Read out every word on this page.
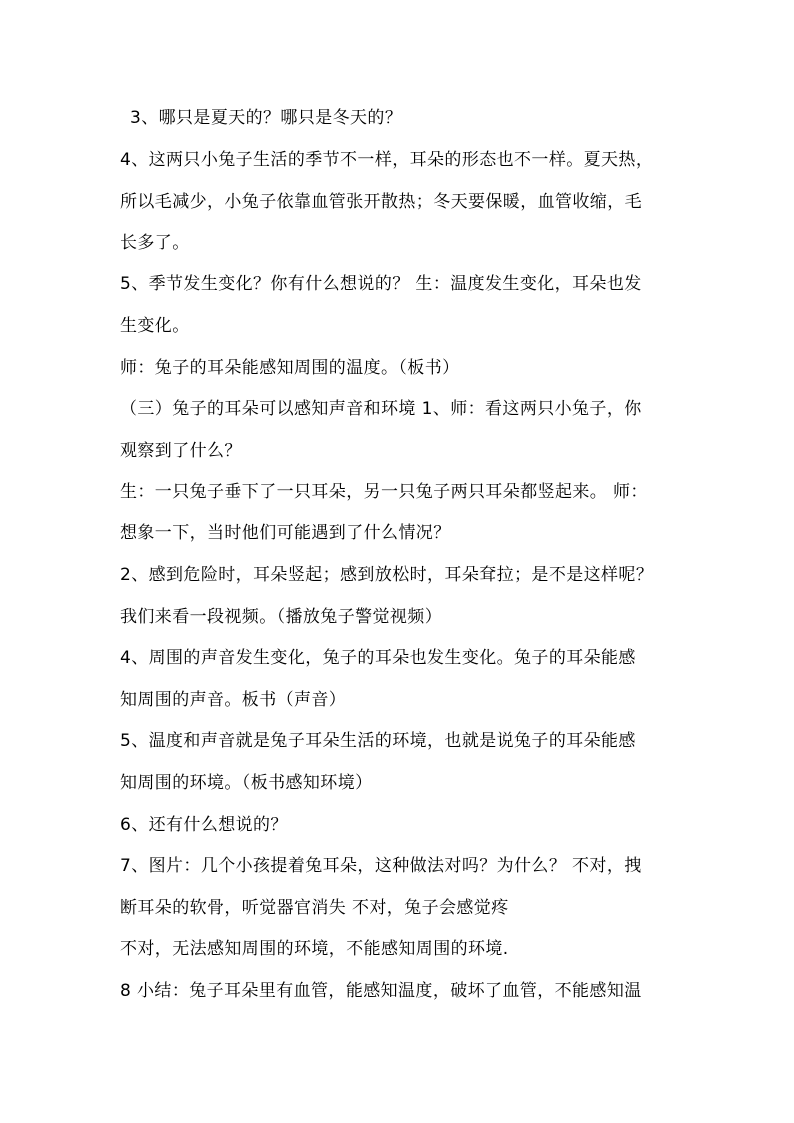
3、哪只是夏天的？哪只是冬天的？
4、这两只小兔子生活的季节不一样，耳朵的形态也不一样。夏天热，
所以毛减少，小兔子依靠血管张开散热；冬天要保暖，血管收缩，毛
长多了。
5、季节发生变化？你有什么想说的？ 生：温度发生变化，耳朵也发
生变化。
师：兔子的耳朵能感知周围的温度。（板书）
（三）兔子的耳朵可以感知声音和环境 1、师：看这两只小兔子，你
观察到了什么？
生：一只兔子垂下了一只耳朵，另一只兔子两只耳朵都竖起来。 师：
想象一下，当时他们可能遇到了什么情况？
2、感到危险时，耳朵竖起；感到放松时，耳朵耷拉；是不是这样呢？
我们来看一段视频。（播放兔子警觉视频）
4、周围的声音发生变化，兔子的耳朵也发生变化。兔子的耳朵能感
知周围的声音。板书（声音）
5、温度和声音就是兔子耳朵生活的环境，也就是说兔子的耳朵能感
知周围的环境。（板书感知环境）
6、还有什么想说的？
7、图片：几个小孩提着兔耳朵，这种做法对吗？为什么？ 不对，拽
断耳朵的软骨，听觉器官消失 不对，兔子会感觉疼
不对，无法感知周围的环境，不能感知周围的环境.
8 小结：兔子耳朵里有血管，能感知温度，破坏了血管，不能感知温
